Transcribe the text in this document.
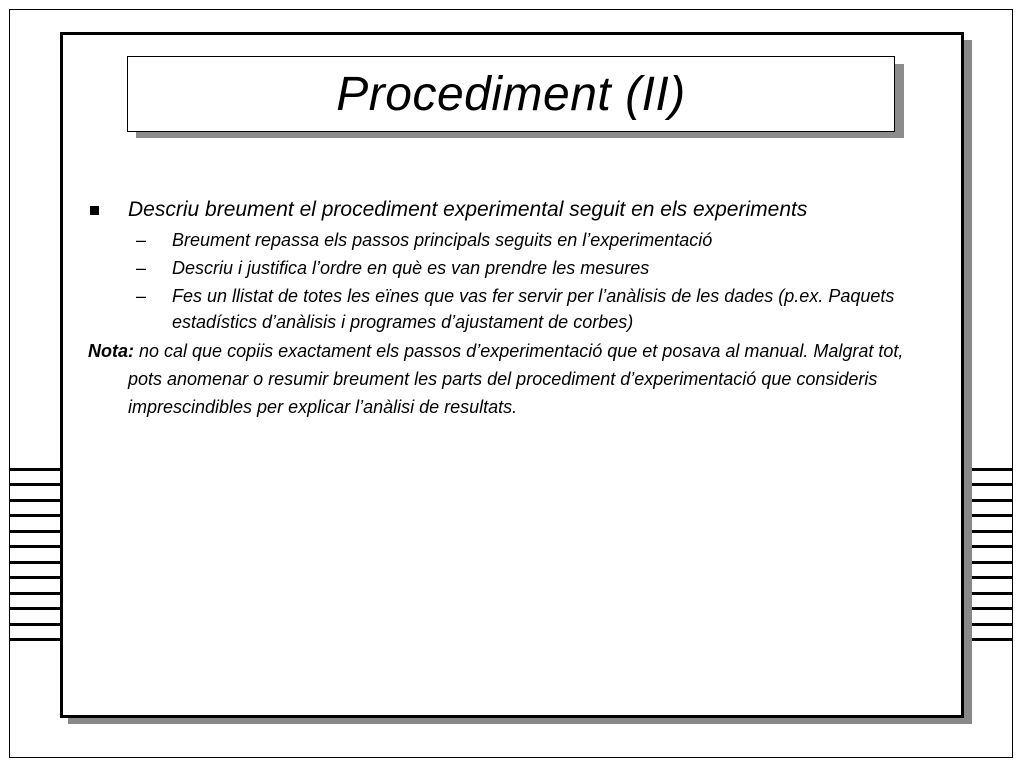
Procediment (II)
Descriu breument el procediment experimental seguit en els experiments
– Breument repassa els passos principals seguits en l’experimentació
– Descriu i justifica l’ordre en què es van prendre les mesures
– Fes un llistat de totes les eïnes que vas fer servir per l’anàlisis de les dades (p.ex. Paquets estadístics d’anàlisis i programes d’ajustament de corbes)
Nota: no cal que copiis exactament els passos d’experimentació que et posava al manual. Malgrat tot, pots anomenar o resumir breument les parts del procediment d’experimentació que consideris imprescindibles per explicar l’anàlisi de resultats.
